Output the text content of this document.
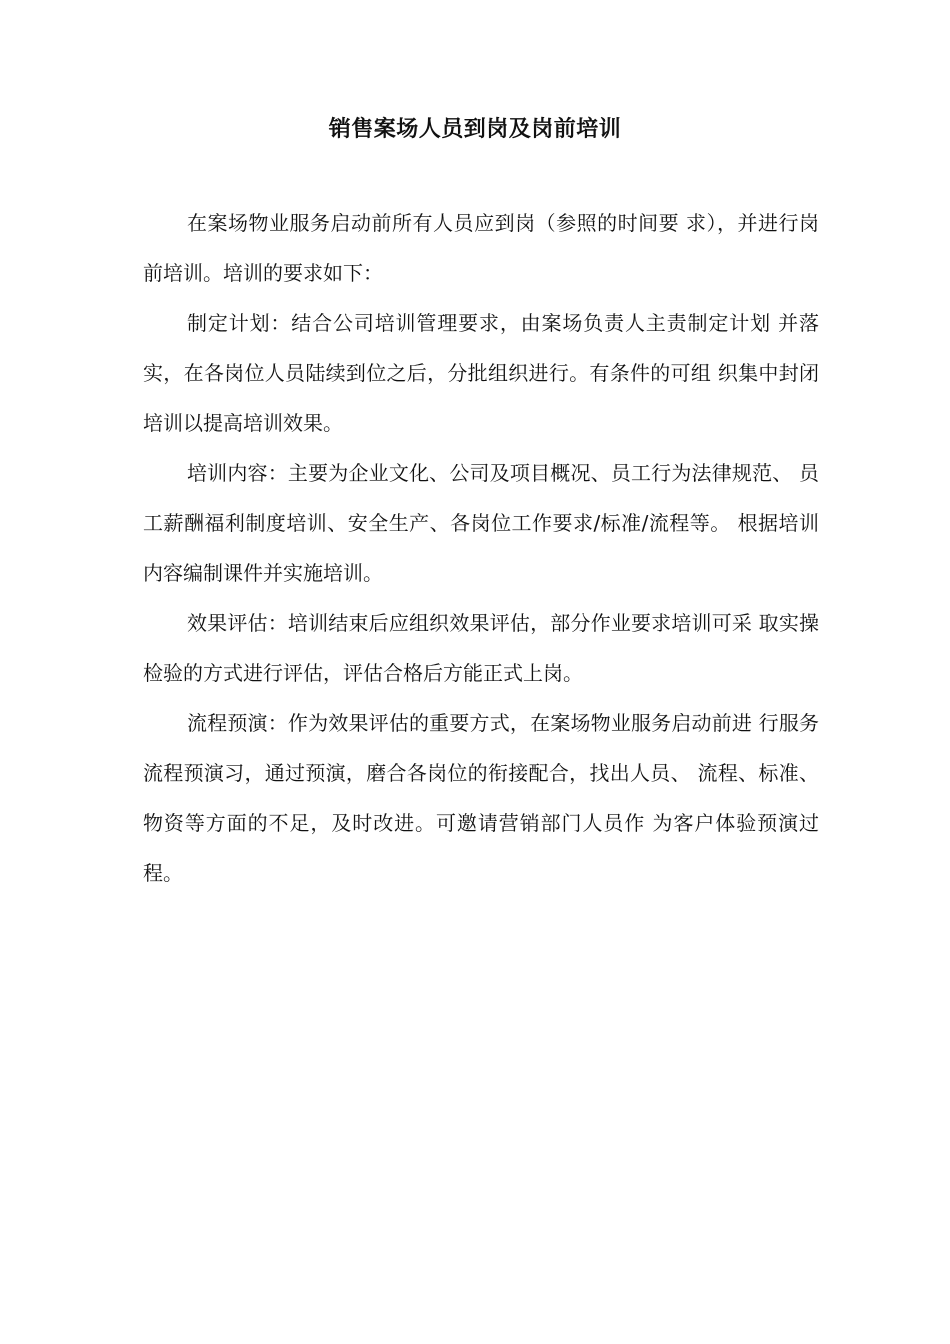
销售案场人员到岗及岗前培训

在案场物业服务启动前所有人员应到岗（参照的时间要 求），并进行岗前培训。培训的要求如下：

制定计划：结合公司培训管理要求，由案场负责人主责制定计划 并落实，在各岗位人员陆续到位之后，分批组织进行。有条件的可组 织集中封闭培训以提高培训效果。

培训内容：主要为企业文化、公司及项目概况、员工行为法律规范、 员工薪酬福利制度培训、安全生产、各岗位工作要求/标准/流程等。 根据培训内容编制课件并实施培训。

效果评估：培训结束后应组织效果评估，部分作业要求培训可采 取实操检验的方式进行评估，评估合格后方能正式上岗。

流程预演：作为效果评估的重要方式，在案场物业服务启动前进 行服务流程预演习，通过预演，磨合各岗位的衔接配合，找出人员、 流程、标准、物资等方面的不足，及时改进。可邀请营销部门人员作 为客户体验预演过程。
